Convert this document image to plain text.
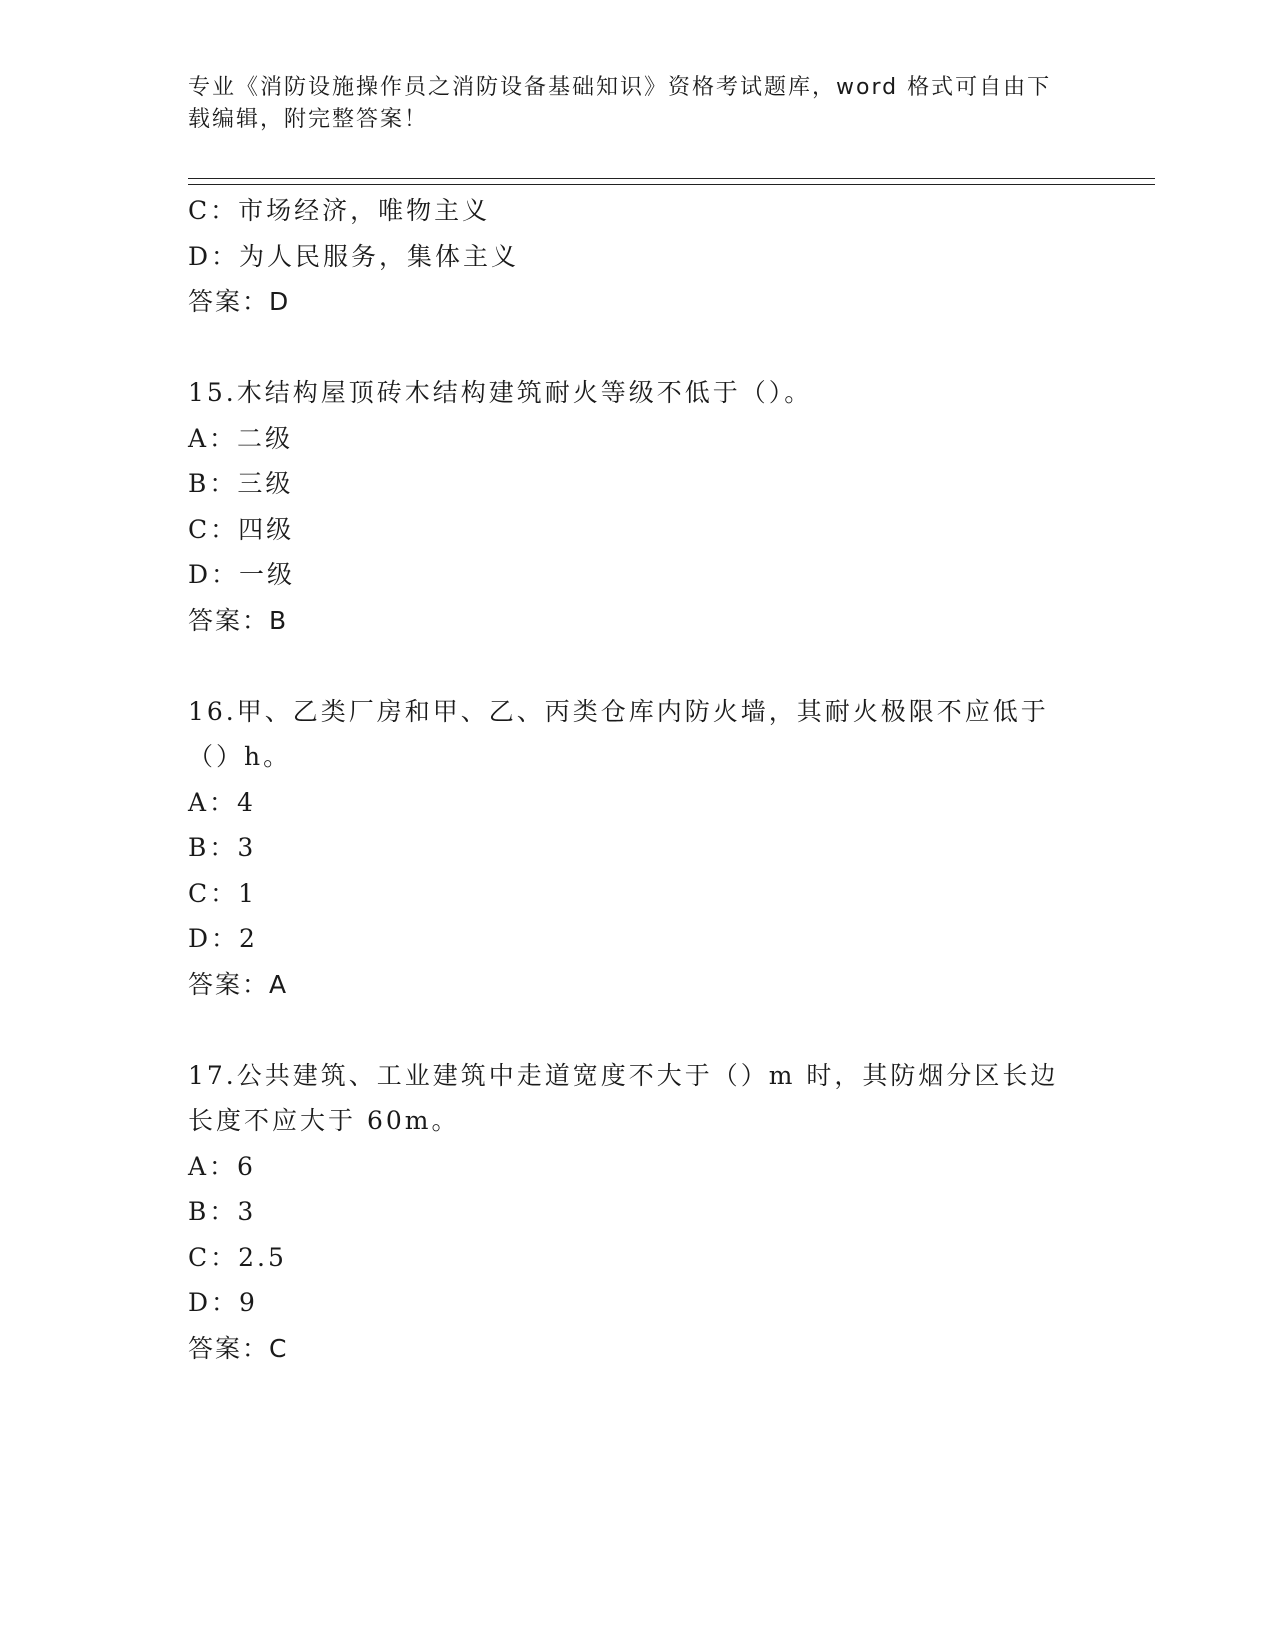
专业《消防设施操作员之消防设备基础知识》资格考试题库，word 格式可自由下
载编辑，附完整答案！
C：市场经济，唯物主义
D：为人民服务，集体主义
答案：D
15.木结构屋顶砖木结构建筑耐火等级不低于（）。
A：二级
B：三级
C：四级
D：一级
答案：B
16.甲、乙类厂房和甲、乙、丙类仓库内防火墙，其耐火极限不应低于
（）h。
A：4
B：3
C：1
D：2
答案：A
17.公共建筑、工业建筑中走道宽度不大于（）m 时，其防烟分区长边
长度不应大于 60m。
A：6
B：3
C：2.5
D：9
答案：C
